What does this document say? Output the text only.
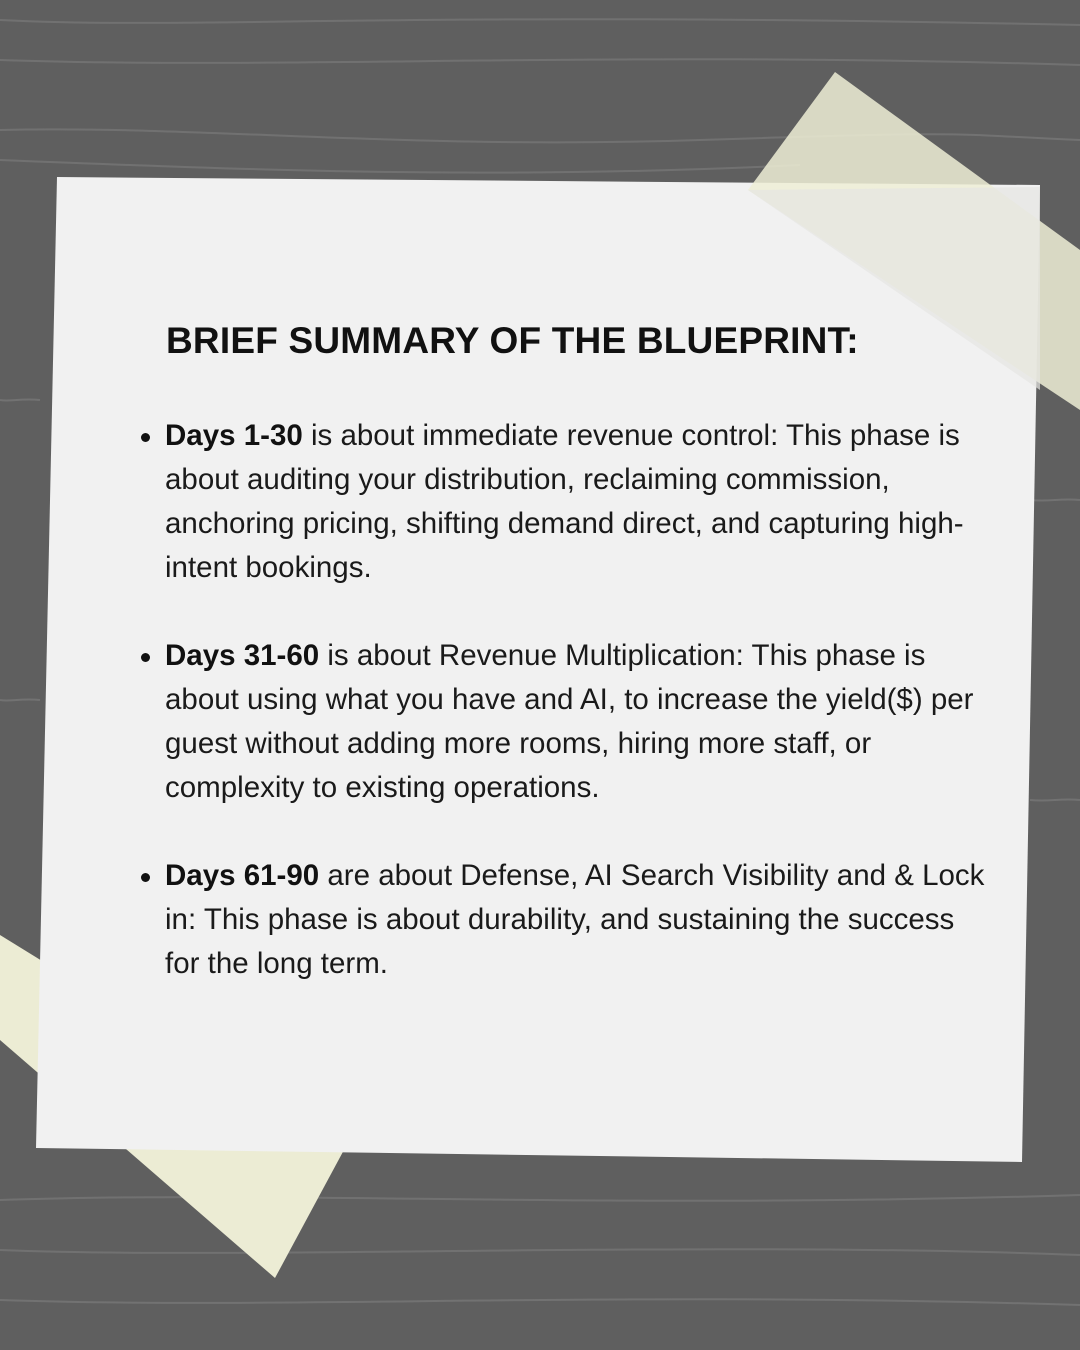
BRIEF SUMMARY OF THE BLUEPRINT:
Days 1-30 is about immediate revenue control: This phase is about auditing your distribution, reclaiming commission, anchoring pricing, shifting demand direct, and capturing high-intent bookings.
Days 31-60 is about Revenue Multiplication: This phase is about using what you have and AI, to increase the yield($) per guest without adding more rooms, hiring more staff, or complexity to existing operations.
Days 61-90 are about Defense, AI Search Visibility and & Lock in: This phase is about durability, and sustaining the success for the long term.
